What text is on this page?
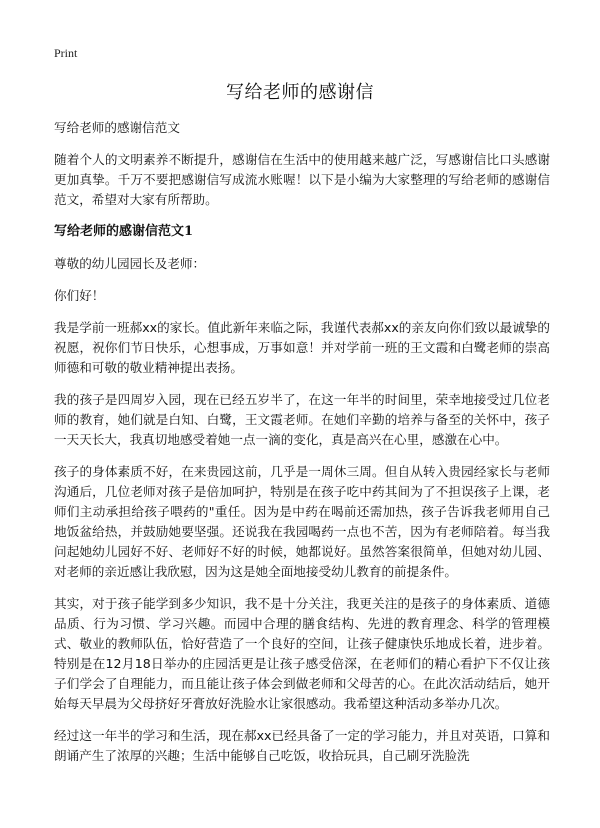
Print
写给老师的感谢信

写给老师的感谢信范文

随着个人的文明素养不断提升，感谢信在生活中的使用越来越广泛，写感谢信比口头感谢更加真挚。千万不要把感谢信写成流水账喔！以下是小编为大家整理的写给老师的感谢信范文，希望对大家有所帮助。

写给老师的感谢信范文1

尊敬的幼儿园园长及老师：

你们好！

我是学前一班郝xx的家长。值此新年来临之际，我谨代表郝xx的亲友向你们致以最诚挚的祝愿，祝你们节日快乐，心想事成，万事如意！并对学前一班的王文霞和白鹭老师的崇高师德和可敬的敬业精神提出表扬。

我的孩子是四周岁入园，现在已经五岁半了，在这一年半的时间里，荣幸地接受过几位老师的教育，她们就是白知、白鹭，王文霞老师。在她们辛勤的培养与备至的关怀中，孩子一天天长大，我真切地感受着她一点一滴的变化，真是高兴在心里，感激在心中。

孩子的身体素质不好，在来贵园这前，几乎是一周休三周。但自从转入贵园经家长与老师沟通后，几位老师对孩子是倍加呵护，特别是在孩子吃中药其间为了不担误孩子上课，老师们主动承担给孩子喂药的"重任。因为是中药在喝前还需加热，孩子告诉我老师用自己地饭盆给热，并鼓励她要坚强。还说我在我园喝药一点也不苦，因为有老师陪着。每当我问起她幼儿园好不好、老师好不好的时候，她都说好。虽然答案很简单，但她对幼儿园、对老师的亲近感让我欣慰，因为这是她全面地接受幼儿教育的前提条件。

其实，对于孩子能学到多少知识，我不是十分关注，我更关注的是孩子的身体素质、道德品质、行为习惯、学习兴趣。而园中合理的膳食结构、先进的教育理念、科学的管理模式、敬业的教师队伍，恰好营造了一个良好的空间，让孩子健康快乐地成长着，进步着。特别是在12月18日举办的庄园活更是让孩子感受倍深，在老师们的精心看护下不仅让孩子们学会了自理能力，而且能让孩子体会到做老师和父母苦的心。在此次活动结后，她开始每天早晨为父母挤好牙膏放好洗脸水让家很感动。我希望这种活动多举办几次。

经过这一年半的学习和生活，现在郝xx已经具备了一定的学习能力，并且对英语，口算和朗诵产生了浓厚的兴趣；生活中能够自己吃饭，收拾玩具，自己刷牙洗脸洗
